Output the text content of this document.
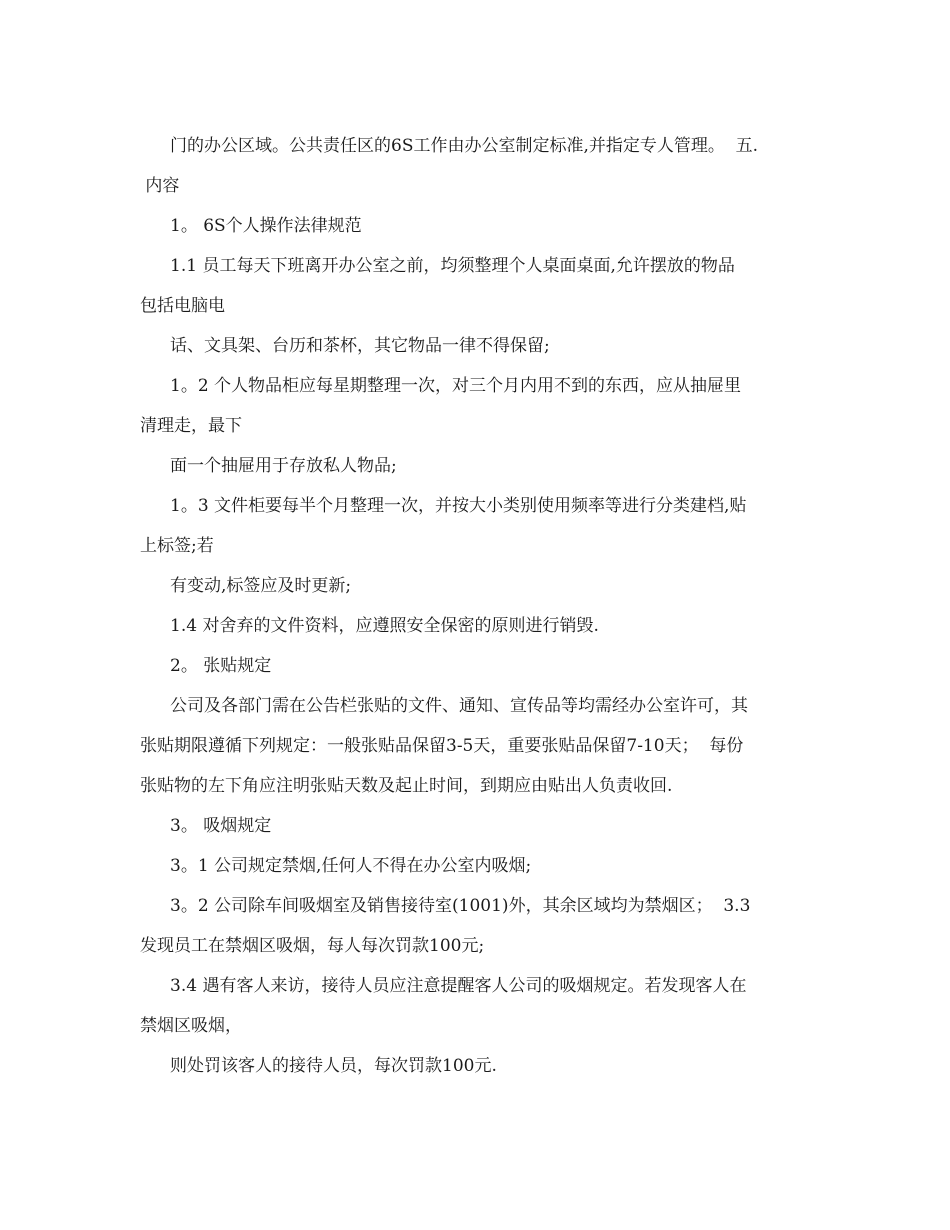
门的办公区域。公共责任区的6S工作由办公室制定标准,并指定专人管理。  五.
内容
1。 6S个人操作法律规范
1.1 员工每天下班离开办公室之前，均须整理个人桌面桌面,允许摆放的物品
包括电脑电
话、文具架、台历和茶杯，其它物品一律不得保留;
1。2 个人物品柜应每星期整理一次，对三个月内用不到的东西，应从抽屉里
清理走，最下
面一个抽屉用于存放私人物品;
1。3 文件柜要每半个月整理一次，并按大小类别使用频率等进行分类建档,贴
上标签;若
有变动,标签应及时更新;
1.4 对舍弃的文件资料，应遵照安全保密的原则进行销毁.
2。 张贴规定
公司及各部门需在公告栏张贴的文件、通知、宣传品等均需经办公室许可，其
张贴期限遵循下列规定：一般张贴品保留3-5天，重要张贴品保留7-10天；  每份
张贴物的左下角应注明张贴天数及起止时间，到期应由贴出人负责收回.
3。 吸烟规定
3。1 公司规定禁烟,任何人不得在办公室内吸烟;
3。2 公司除车间吸烟室及销售接待室(1001)外，其余区域均为禁烟区；  3.3
发现员工在禁烟区吸烟，每人每次罚款100元;
3.4 遇有客人来访，接待人员应注意提醒客人公司的吸烟规定。若发现客人在
禁烟区吸烟，
则处罚该客人的接待人员，每次罚款100元.
